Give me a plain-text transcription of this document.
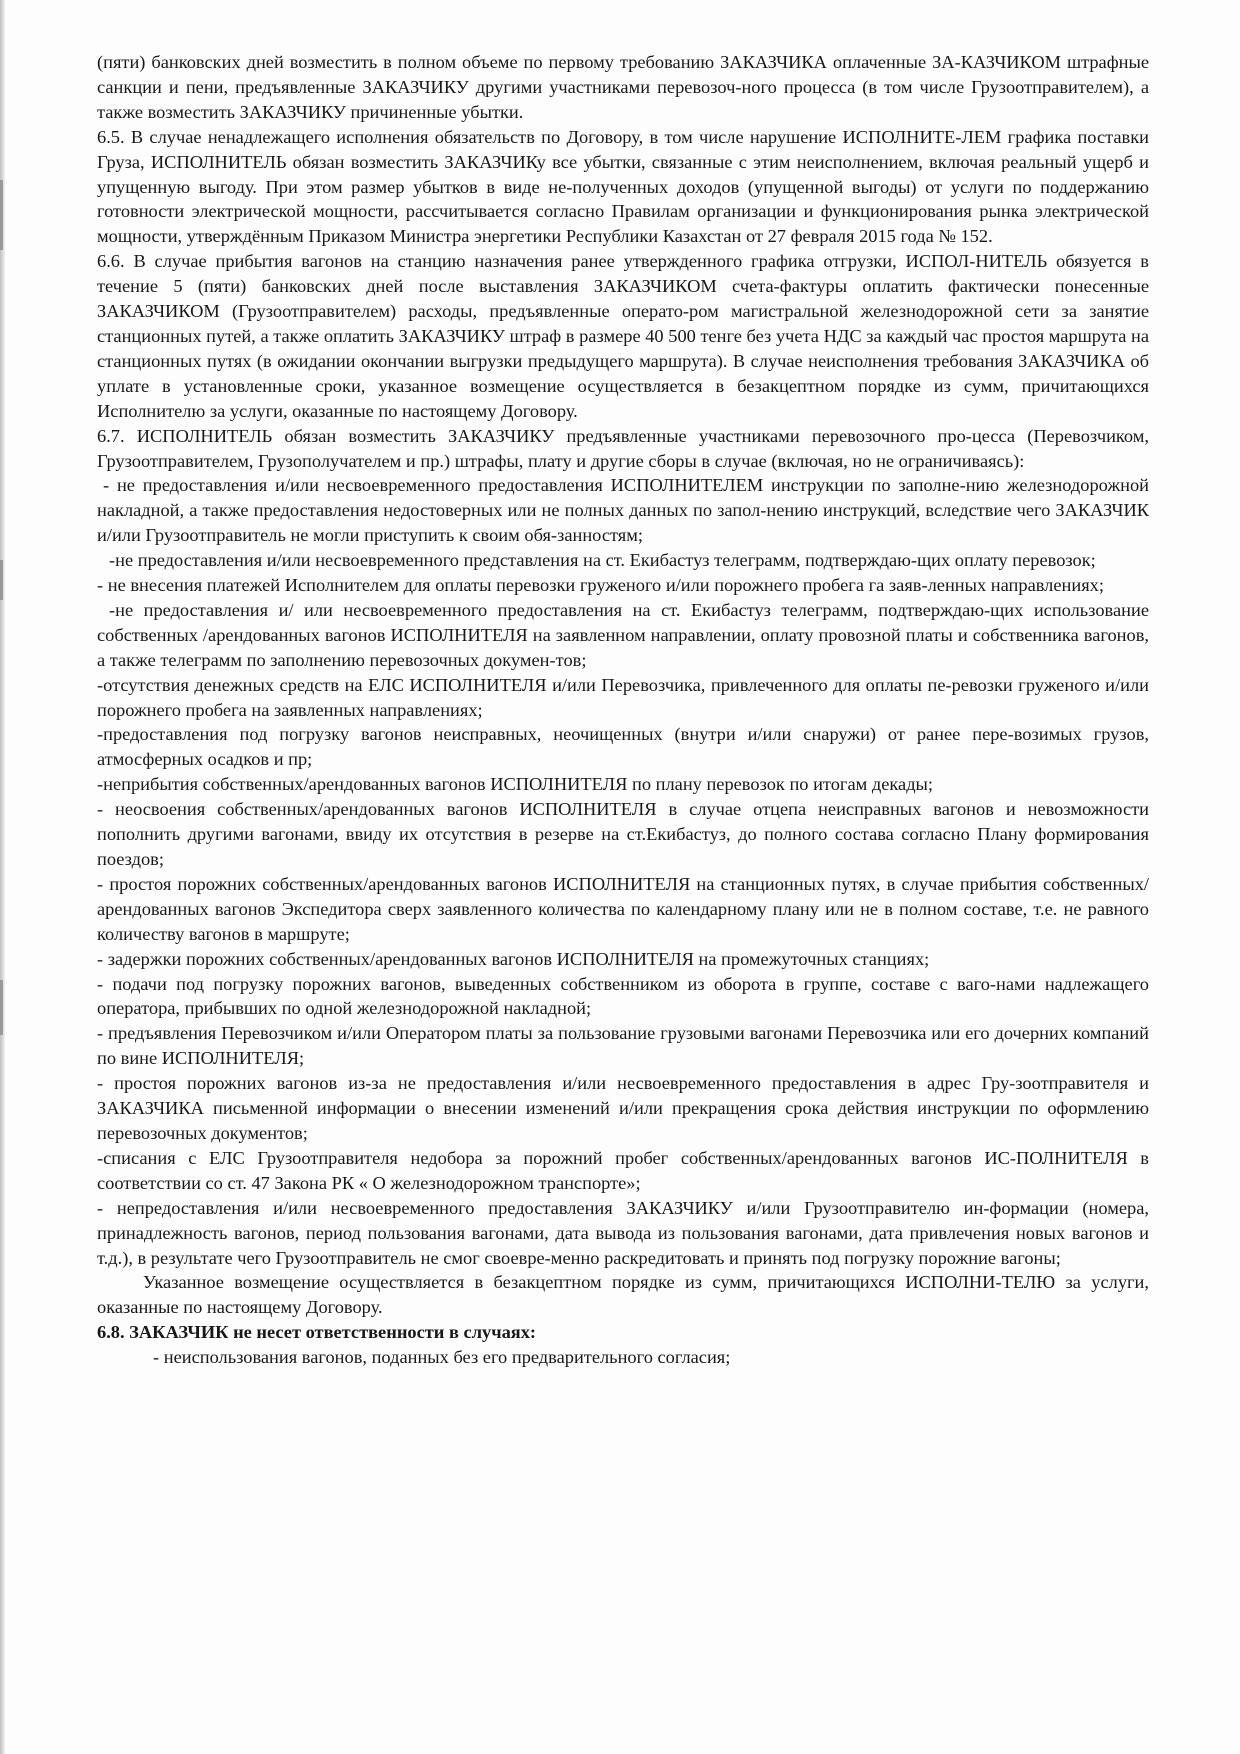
(пяти) банковских дней возместить в полном объеме по первому требованию ЗАКАЗЧИКА оплаченные ЗА-КАЗЧИКОМ штрафные санкции и пени, предъявленные ЗАКАЗЧИКУ другими участниками перевозоч-ного процесса (в том числе Грузоотправителем), а также возместить ЗАКАЗЧИКУ причиненные убытки.

6.5. В случае ненадлежащего исполнения обязательств по Договору, в том числе нарушение ИСПОЛНИТЕ-ЛЕМ графика поставки Груза, ИСПОЛНИТЕЛЬ обязан возместить ЗАКАЗЧИКу все убытки, связанные с этим неисполнением, включая реальный ущерб и упущенную выгоду. При этом размер убытков в виде не-полученных доходов (упущенной выгоды) от услуги по поддержанию готовности электрической мощности, рассчитывается согласно Правилам организации и функционирования рынка электрической мощности, утверждённым Приказом Министра энергетики Республики Казахстан от 27 февраля 2015 года № 152.

6.6. В случае прибытия вагонов на станцию назначения ранее утвержденного графика отгрузки, ИСПОЛ-НИТЕЛЬ обязуется в течение 5 (пяти) банковских дней после выставления ЗАКАЗЧИКОМ счета-фактуры оплатить фактически понесенные ЗАКАЗЧИКОМ (Грузоотправителем) расходы, предъявленные операто-ром магистральной железнодорожной сети за занятие станционных путей, а также оплатить ЗАКАЗЧИКУ штраф в размере 40 500 тенге без учета НДС за каждый час простоя маршрута на станционных путях (в ожидании окончании выгрузки предыдущего маршрута). В случае неисполнения требования ЗАКАЗЧИКА об уплате в установленные сроки, указанное возмещение осуществляется в безакцептном порядке из сумм, причитающихся Исполнителю за услуги, оказанные по настоящему Договору.

6.7. ИСПОЛНИТЕЛЬ обязан возместить ЗАКАЗЧИКУ предъявленные участниками перевозочного про-цесса (Перевозчиком, Грузоотправителем, Грузополучателем и пр.) штрафы, плату и другие сборы в случае (включая, но не ограничиваясь):

- не предоставления и/или несвоевременного предоставления ИСПОЛНИТЕЛЕМ инструкции по заполне-нию железнодорожной накладной, а также предоставления недостоверных или не полных данных по запол-нению инструкций, вследствие чего ЗАКАЗЧИК и/или Грузоотправитель не могли приступить к своим обя-занностям;

-не предоставления и/или несвоевременного представления на ст. Екибастуз телеграмм, подтверждаю-щих оплату перевозок;

- не внесения платежей Исполнителем для оплаты перевозки груженого и/или порожнего пробега га заяв-ленных направлениях;

-не предоставления и/ или несвоевременного предоставления на ст. Екибастуз телеграмм, подтверждаю-щих использование собственных /арендованных вагонов ИСПОЛНИТЕЛЯ на заявленном направлении, оплату провозной платы и собственника вагонов, а также телеграмм по заполнению перевозочных докумен-тов;

-отсутствия денежных средств на ЕЛС ИСПОЛНИТЕЛЯ и/или Перевозчика, привлеченного для оплаты пе-ревозки груженого и/или порожнего пробега на заявленных направлениях;

-предоставления под погрузку вагонов неисправных, неочищенных (внутри и/или снаружи) от ранее пере-возимых грузов, атмосферных осадков и пр;

-неприбытия собственных/арендованных вагонов ИСПОЛНИТЕЛЯ по плану перевозок по итогам декады;

- неосвоения собственных/арендованных вагонов ИСПОЛНИТЕЛЯ в случае отцепа неисправных вагонов и невозможности пополнить другими вагонами, ввиду их отсутствия в резерве на ст.Екибастуз, до полного состава согласно Плану формирования поездов;

- простоя порожних собственных/арендованных вагонов ИСПОЛНИТЕЛЯ на станционных путях, в случае прибытия собственных/арендованных вагонов Экспедитора сверх заявленного количества по календарному плану или не в полном составе, т.е. не равного количеству вагонов в маршруте;

- задержки порожних собственных/арендованных вагонов ИСПОЛНИТЕЛЯ на промежуточных станциях;

- подачи под погрузку порожних вагонов, выведенных собственником из оборота в группе, составе с ваго-нами надлежащего оператора, прибывших по одной железнодорожной накладной;

- предъявления Перевозчиком и/или Оператором платы за пользование грузовыми вагонами Перевозчика или его дочерних компаний по вине ИСПОЛНИТЕЛЯ;

- простоя порожних вагонов из-за не предоставления и/или несвоевременного предоставления в адрес Гру-зоотправителя и ЗАКАЗЧИКА письменной информации о внесении изменений и/или прекращения срока действия инструкции по оформлению перевозочных документов;

-списания с ЕЛС Грузоотправителя недобора за порожний пробег собственных/арендованных вагонов ИС-ПОЛНИТЕЛЯ в соответствии со ст. 47 Закона РК « О железнодорожном транспорте»;

- непредоставления и/или несвоевременного предоставления ЗАКАЗЧИКУ и/или Грузоотправителю ин-формации (номера, принадлежность вагонов, период пользования вагонами, дата вывода из пользования вагонами, дата привлечения новых вагонов и т.д.), в результате чего Грузоотправитель не смог своевре-менно раскредитовать и принять под погрузку порожние вагоны;

Указанное возмещение осуществляется в безакцептном порядке из сумм, причитающихся ИСПОЛНИ-ТЕЛЮ за услуги, оказанные по настоящему Договору.

6.8. ЗАКАЗЧИК не несет ответственности в случаях:

- неиспользования вагонов, поданных без его предварительного согласия;
